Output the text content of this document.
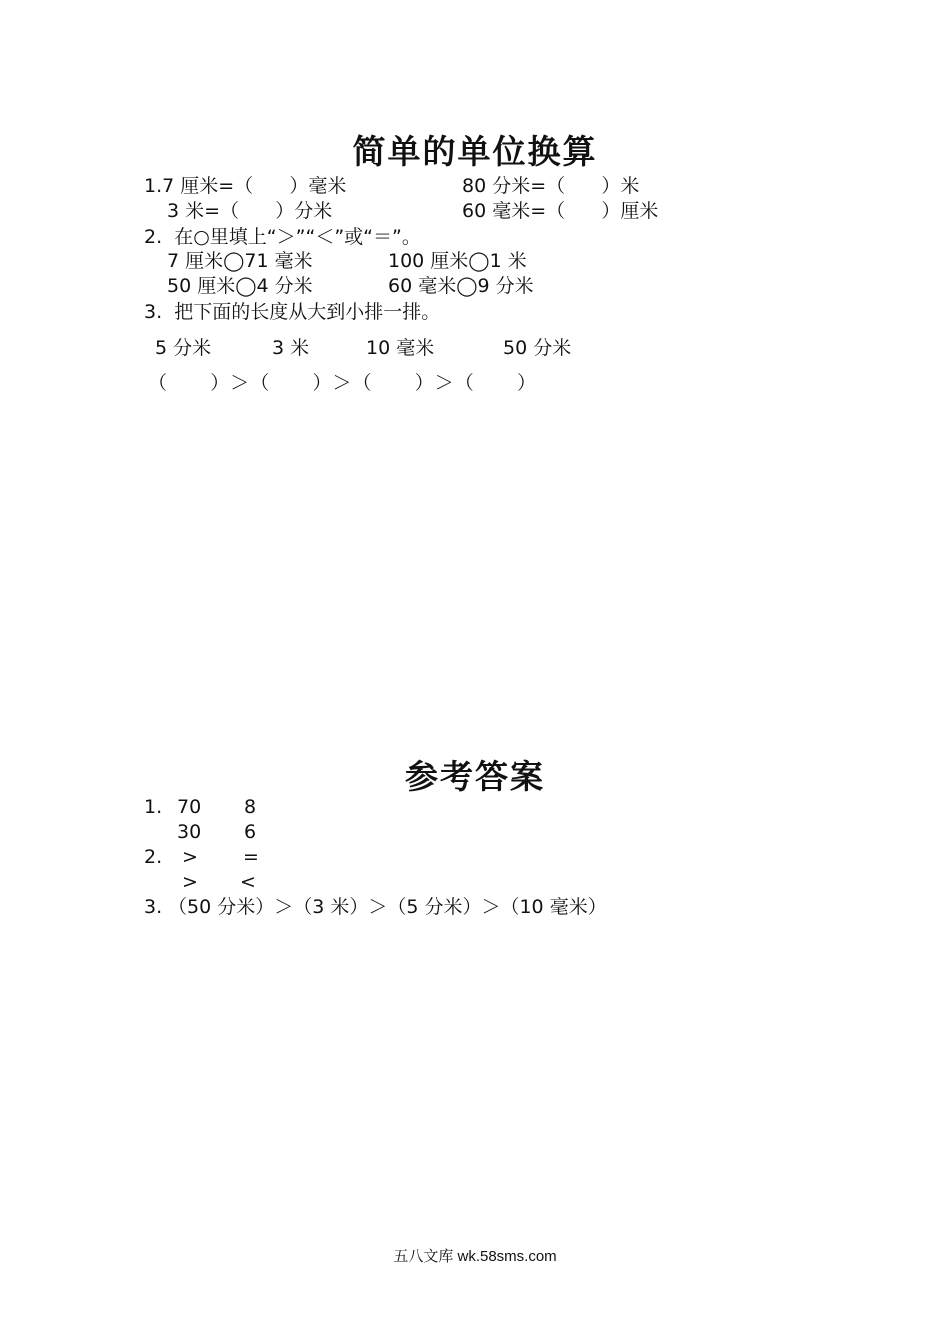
简单的单位换算
1.7 厘米=（      ）毫米	80 分米=（      ）米
3 米=（      ）分米	60 毫米=（      ）厘米
2.  在○里填上“＞”“＜”或“＝”。
7 厘米◯71 毫米	100 厘米◯1 米
50 厘米◯4 分米	60 毫米◯9 分米
3.  把下面的长度从大到小排一排。
5 分米	3 米	10 毫米	50 分米
（      ）＞（      ）＞（      ）＞（      ）
参考答案
1. 70 8
30 6
2. > =
> <
3. （50 分米）＞（3 米）＞（5 分米）＞（10 毫米）
五八文库 wk.58sms.com
